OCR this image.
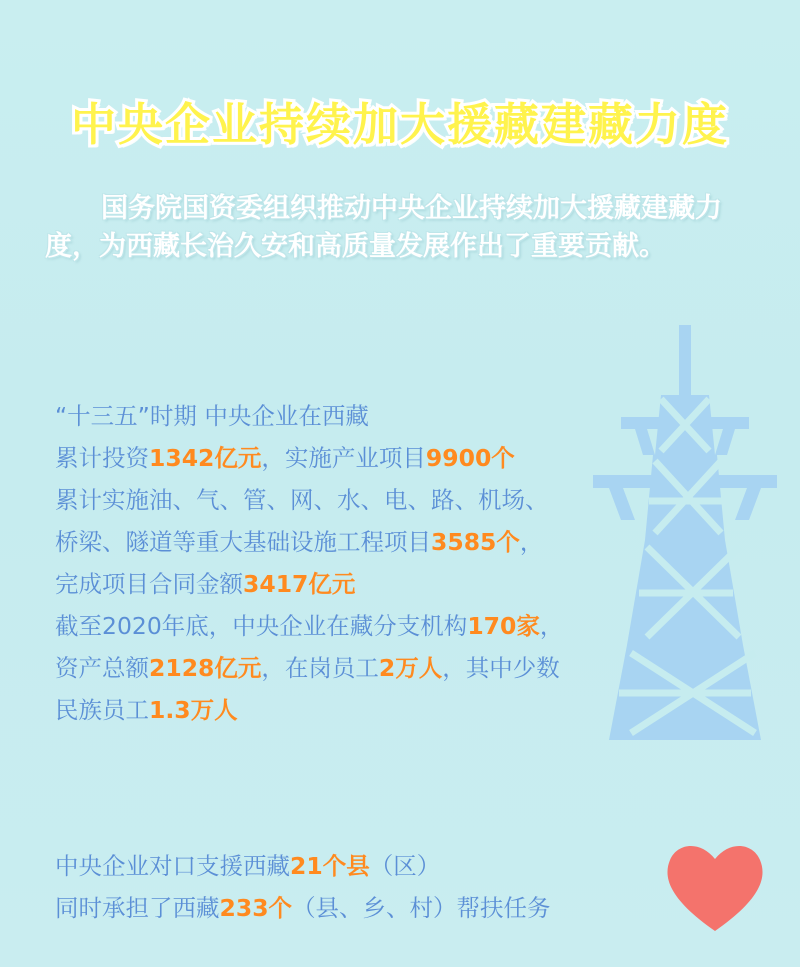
中央企业持续加大援藏建藏力度
国务院国资委组织推动中央企业持续加大援藏建藏力度，为西藏长治久安和高质量发展作出了重要贡献。
“十三五”时期 中央企业在西藏
累计投资1342亿元，实施产业项目9900个
累计实施油、气、管、网、水、电、路、机场、
桥梁、隧道等重大基础设施工程项目3585个，
完成项目合同金额3417亿元
截至2020年底，中央企业在藏分支机构170家，
资产总额2128亿元，在岗员工2万人，其中少数
民族员工1.3万人
中央企业对口支援西藏21个县（区）
同时承担了西藏233个（县、乡、村）帮扶任务
